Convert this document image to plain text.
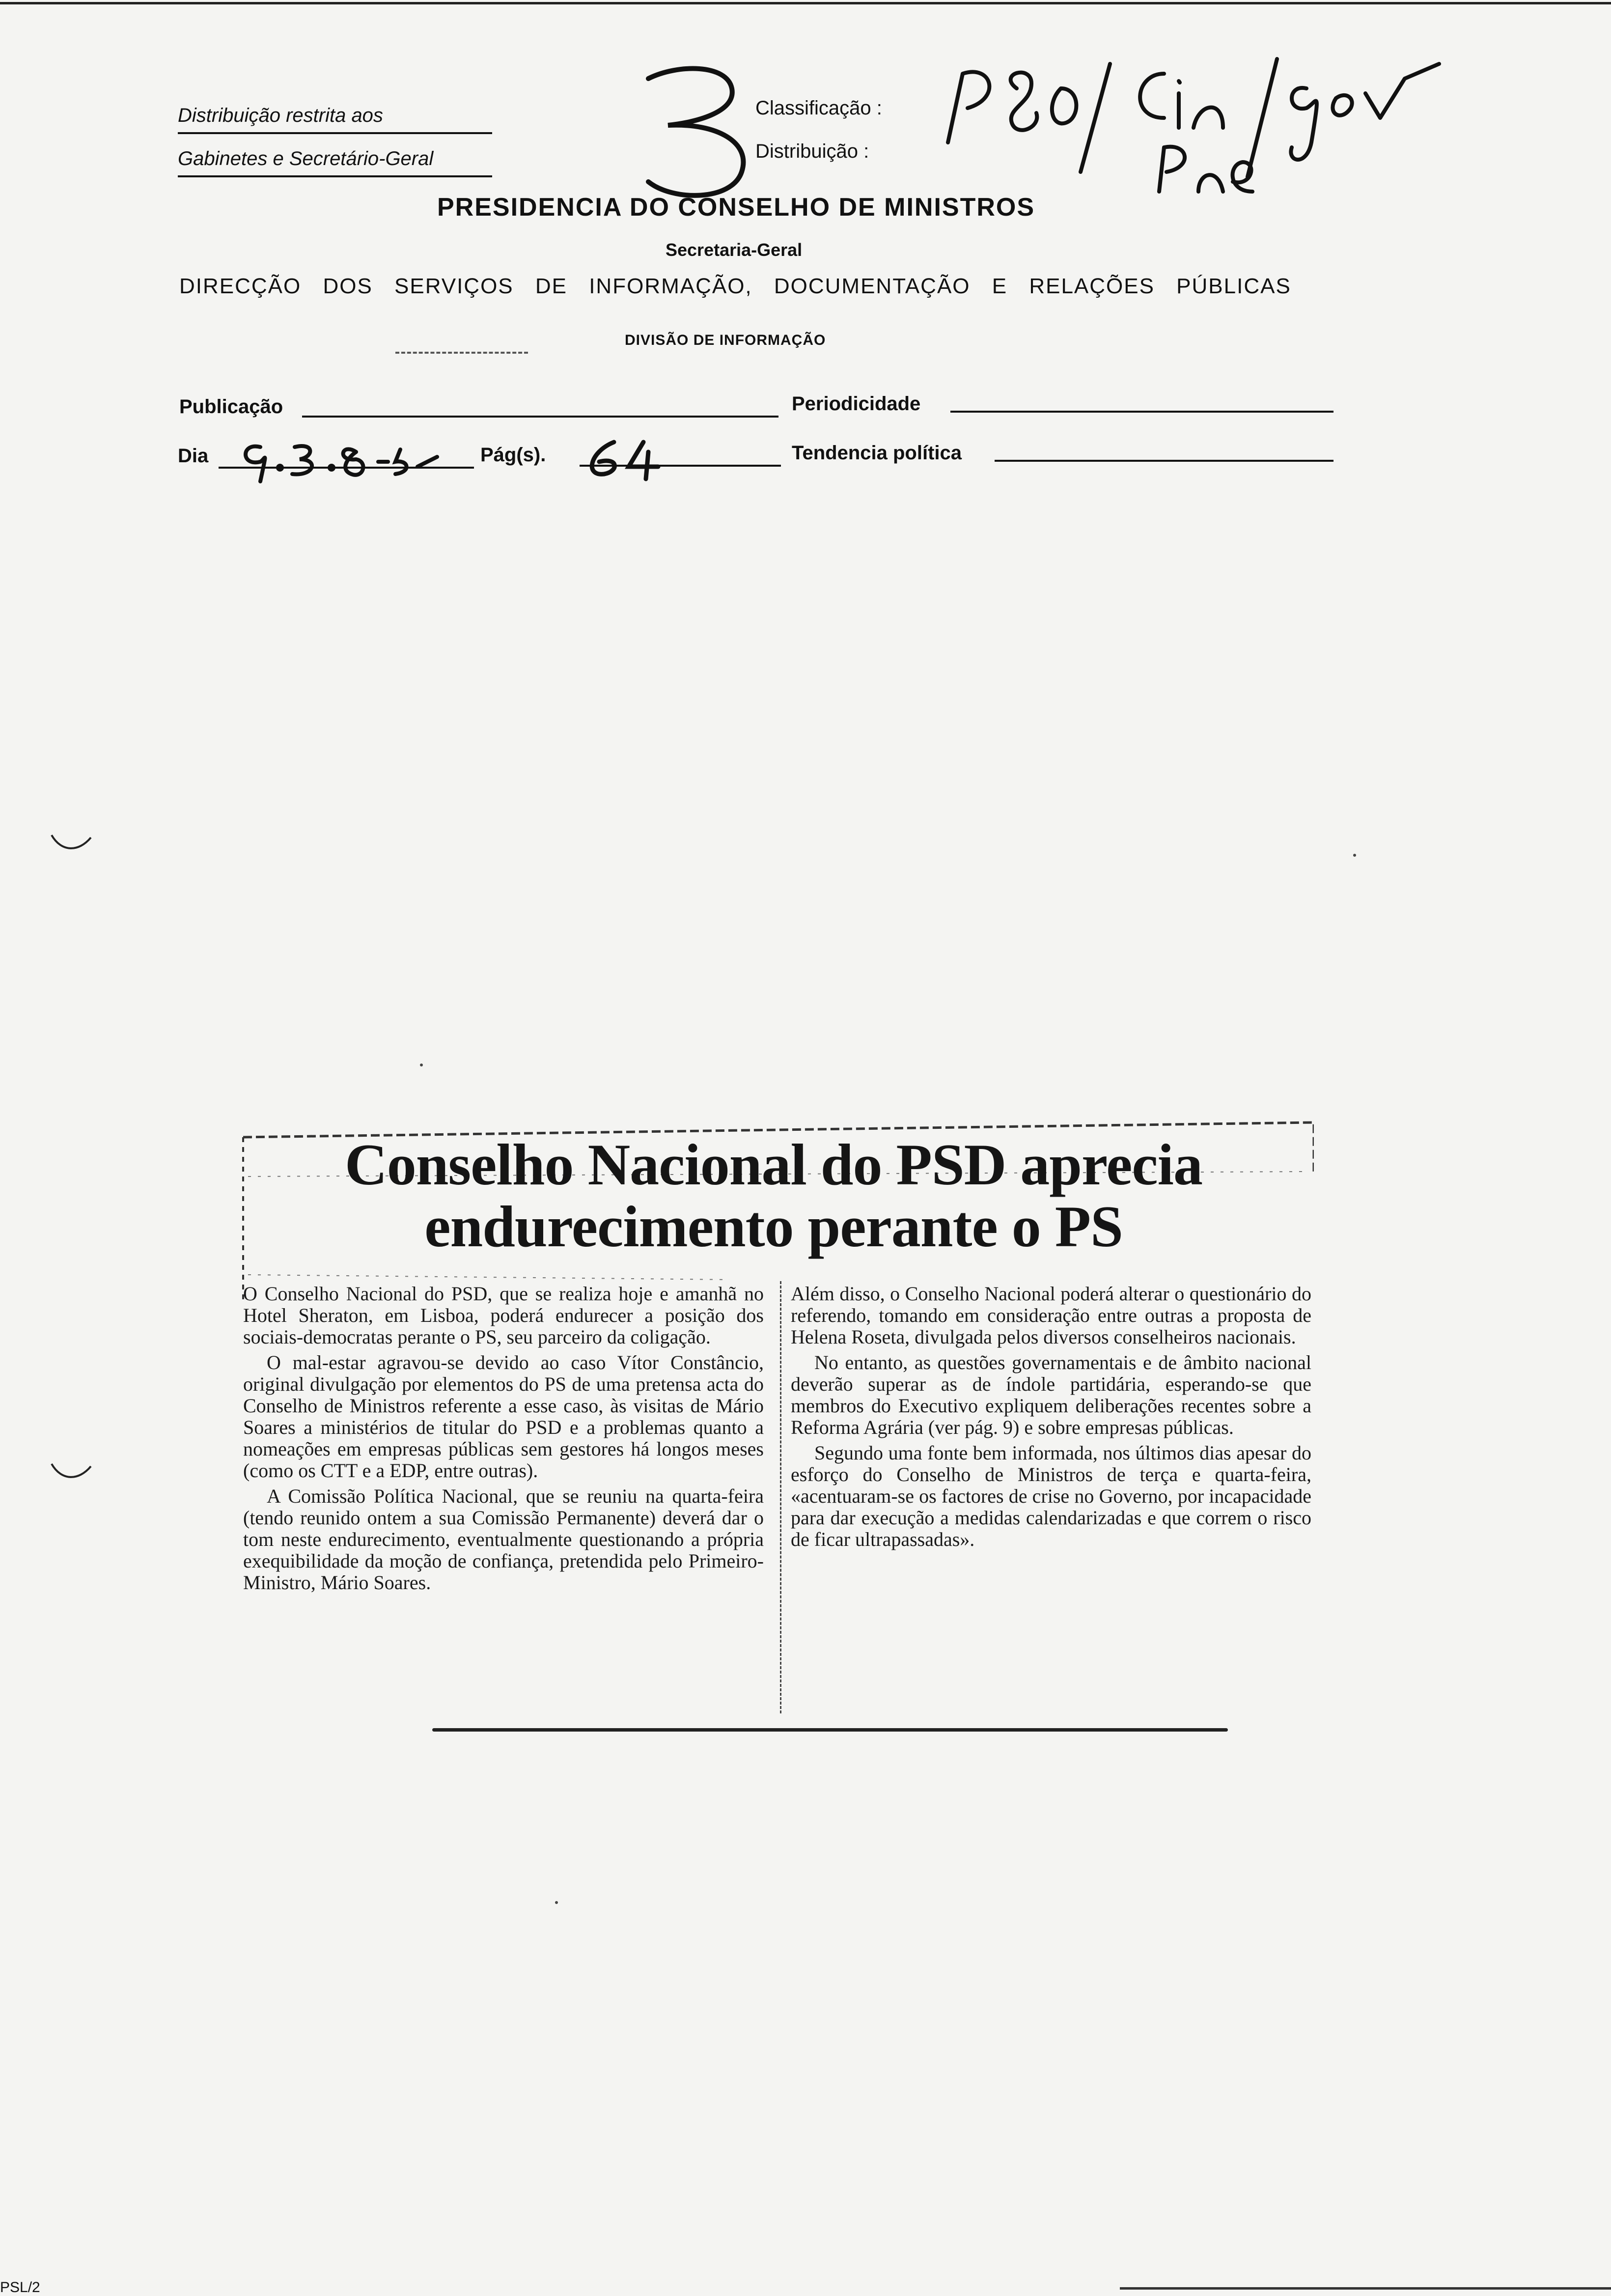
Distribuição restrita aos
Gabinetes e Secretário-Geral
Classificação :
Distribuição :
PRESIDENCIA DO CONSELHO DE MINISTROS
Secretaria-Geral
DIRECÇÃO DOS SERVIÇOS DE INFORMAÇÃO, DOCUMENTAÇÃO E RELAÇÕES PÚBLICAS
DIVISÃO DE INFORMAÇÃO
Publicação	Periodicidade
Dia	Pág(s).	Tendencia política
Conselho Nacional do PSD aprecia
endurecimento perante o PS

O Conselho Nacional do PSD, que se realiza hoje e amanhã no Hotel Sheraton, em Lisboa, poderá endurecer a posição dos sociais-democratas perante o PS, seu parceiro da coligação.

O mal-estar agravou-se devido ao caso Vítor Constâncio, original divulgação por elementos do PS de uma pretensa acta do Conselho de Ministros referente a esse caso, às visitas de Mário Soares a ministérios de titular do PSD e a problemas quanto a nomeações em empresas públicas sem gestores há longos meses (como os CTT e a EDP, entre outras).

A Comissão Política Nacional, que se reuniu na quarta-feira (tendo reunido ontem a sua Comissão Permanente) deverá dar o tom neste endurecimento, eventualmente questionando a própria exequibilidade da moção de confiança, pretendida pelo Primeiro-Ministro, Mário Soares.

Além disso, o Conselho Nacional poderá alterar o questionário do referendo, tomando em consideração entre outras a proposta de Helena Roseta, divulgada pelos diversos conselheiros nacionais.

No entanto, as questões governamentais e de âmbito nacional deverão superar as de índole partidária, esperando-se que membros do Executivo expliquem deliberações recentes sobre a Reforma Agrária (ver pág. 9) e sobre empresas públicas.

Segundo uma fonte bem informada, nos últimos dias apesar do esforço do Conselho de Ministros de terça e quarta-feira, «acentuaram-se os factores de crise no Governo, por incapacidade para dar execução a medidas calendarizadas e que correm o risco de ficar ultrapassadas».

PSL/2
